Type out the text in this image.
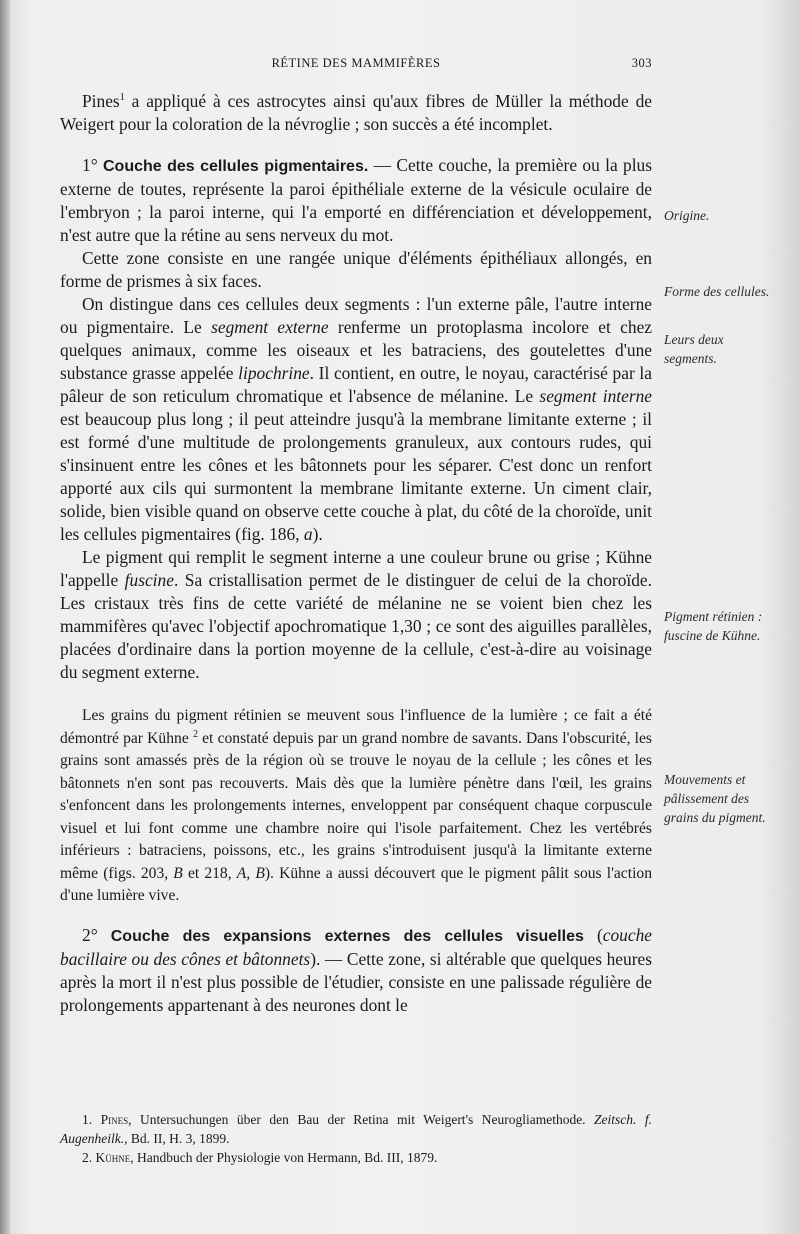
RÉTINE DES MAMMIFÈRES	303

Pines$^1$ a appliqué à ces astrocytes ainsi qu'aux fibres de Müller la méthode de Weigert pour la coloration de la névroglie ; son succès a été incomplet.

1° Couche des cellules pigmentaires. — Cette couche, la première ou la plus externe de toutes, représente la paroi épithéliale externe de la vésicule oculaire de l'embryon ; la paroi interne, qui l'a emporté en différenciation et développement, n'est autre que la rétine au sens nerveux du mot.

Cette zone consiste en une rangée unique d'éléments épithéliaux allongés, en forme de prismes à six faces.

On distingue dans ces cellules deux segments : l'un externe pâle, l'autre interne ou pigmentaire. Le segment externe renferme un protoplasma incolore et chez quelques animaux, comme les oiseaux et les batraciens, des goutelettes d'une substance grasse appelée lipochrine. Il contient, en outre, le noyau, caractérisé par la pâleur de son reticulum chromatique et l'absence de mélanine. Le segment interne est beaucoup plus long ; il peut atteindre jusqu'à la membrane limitante externe ; il est formé d'une multitude de prolongements granuleux, aux contours rudes, qui s'insinuent entre les cônes et les bâtonnets pour les séparer. C'est donc un renfort apporté aux cils qui surmontent la membrane limitante externe. Un ciment clair, solide, bien visible quand on observe cette couche à plat, du côté de la choroïde, unit les cellules pigmentaires (fig. 186, a).

Le pigment qui remplit le segment interne a une couleur brune ou grise ; Kühne l'appelle fuscine. Sa cristallisation permet de le distinguer de celui de la choroïde. Les cristaux très fins de cette variété de mélanine ne se voient bien chez les mammifères qu'avec l'objectif apochromatique 1,30 ; ce sont des aiguilles parallèles, placées d'ordinaire dans la portion moyenne de la cellule, c'est-à-dire au voisinage du segment externe.

Les grains du pigment rétinien se meuvent sous l'influence de la lumière ; ce fait a été démontré par Kühne $^2$ et constaté depuis par un grand nombre de savants. Dans l'obscurité, les grains sont amassés près de la région où se trouve le noyau de la cellule ; les cônes et les bâtonnets n'en sont pas recouverts. Mais dès que la lumière pénètre dans l'œil, les grains s'enfoncent dans les prolongements internes, enveloppent par conséquent chaque corpuscule visuel et lui font comme une chambre noire qui l'isole parfaitement. Chez les vertébrés inférieurs : batraciens, poissons, etc., les grains s'introduisent jusqu'à la limitante externe même (figs. 203, B et 218, A, B). Kühne a aussi découvert que le pigment pâlit sous l'action d'une lumière vive.

2° Couche des expansions externes des cellules visuelles (couche bacillaire ou des cônes et bâtonnets). — Cette zone, si altérable que quelques heures après la mort il n'est plus possible de l'étudier, consiste en une palissade régulière de prolongements appartenant à des neurones dont le

1. Pines, Untersuchungen über den Bau der Retina mit Weigert's Neurogliamethode. Zeitsch. f. Augenheilk., Bd. II, H. 3, 1899.

2. Kühne, Handbuch der Physiologie von Hermann, Bd. III, 1879.

Origine.
Forme des cellules.
Leurs deux segments.
Pigment rétinien : fuscine de Kühne.
Mouvements et pâlissement des grains du pigment.
